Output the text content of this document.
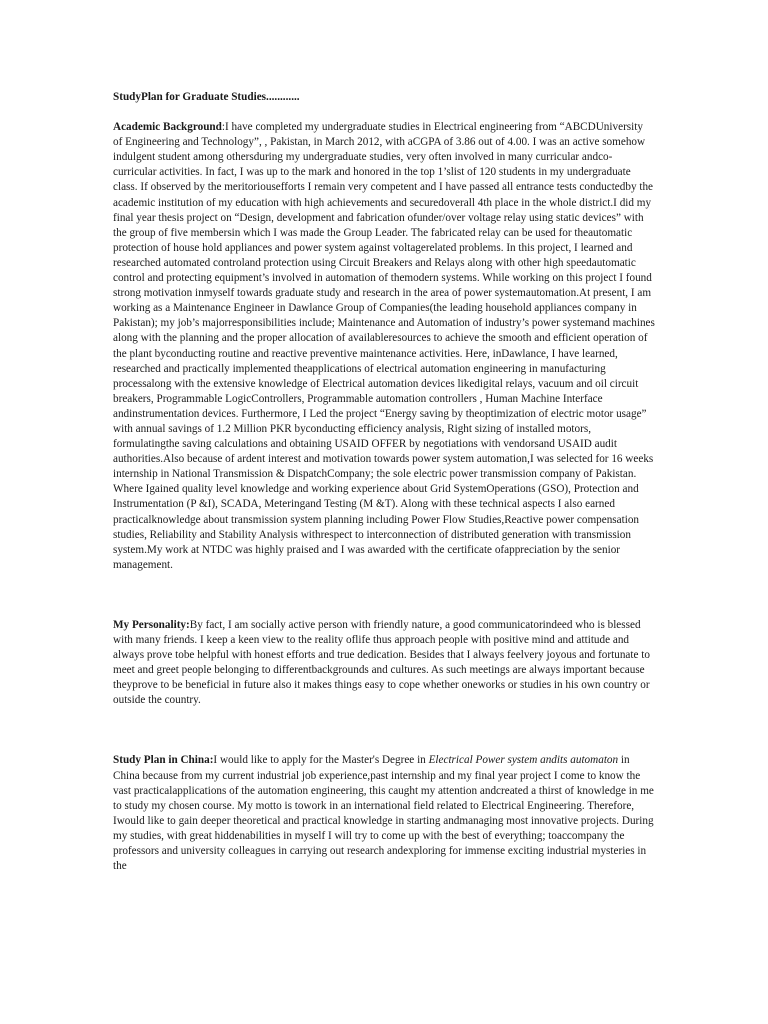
StudyPlan for Graduate Studies............

Academic Background:I have completed my undergraduate studies in Electrical engineering from “ABCDUniversity of Engineering and Technology”, , Pakistan, in March 2012, with aCGPA of 3.86 out of 4.00. I was an active somehow indulgent student among othersduring my undergraduate studies, very often involved in many curricular andco-curricular activities. In fact, I was up to the mark and honored in the top 1’slist of 120 students in my undergraduate class. If observed by the meritoriousefforts I remain very competent and I have passed all entrance tests conductedby the academic institution of my education with high achievements and securedoverall 4th place in the whole district.I did my final year thesis project on “Design, development and fabrication ofunder/over voltage relay using static devices” with the group of five membersin which I was made the Group Leader. The fabricated relay can be used for theautomatic protection of house hold appliances and power system against voltagerelated problems. In this project, I learned and researched automated controland protection using Circuit Breakers and Relays along with other high speedautomatic control and protecting equipment’s involved in automation of themodern systems. While working on this project I found strong motivation inmyself towards graduate study and research in the area of power systemautomation.At present, I am working as a Maintenance Engineer in Dawlance Group of Companies(the leading household appliances company in Pakistan); my job’s majorresponsibilities include; Maintenance and Automation of industry’s power systemand machines along with the planning and the proper allocation of availableresources to achieve the smooth and efficient operation of the plant byconducting routine and reactive preventive maintenance activities. Here, inDawlance, I have learned, researched and practically implemented theapplications of electrical automation engineering in manufacturing processalong with the extensive knowledge of Electrical automation devices likedigital relays, vacuum and oil circuit breakers, Programmable LogicControllers, Programmable automation controllers , Human Machine Interface andinstrumentation devices. Furthermore, I Led the project “Energy saving by theoptimization of electric motor usage” with annual savings of 1.2 Million PKR byconducting efficiency analysis, Right sizing of installed motors, formulatingthe saving calculations and obtaining USAID OFFER by negotiations with vendorsand USAID audit authorities.Also because of ardent interest and motivation towards power system automation,I was selected for 16 weeks internship in National Transmission & DispatchCompany; the sole electric power transmission company of Pakistan. Where Igained quality level knowledge and working experience about Grid SystemOperations (GSO), Protection and Instrumentation (P &I), SCADA, Meteringand Testing (M &T). Along with these technical aspects I also earned practicalknowledge about transmission system planning including Power Flow Studies,Reactive power compensation studies, Reliability and Stability Analysis withrespect to interconnection of distributed generation with transmission system.My work at NTDC was highly praised and I was awarded with the certificate ofappreciation by the senior management.

My Personality:By fact, I am socially active person with friendly nature, a good communicatorindeed who is blessed with many friends. I keep a keen view to the reality oflife thus approach people with positive mind and attitude and always prove tobe helpful with honest efforts and true dedication. Besides that I always feelvery joyous and fortunate to meet and greet people belonging to differentbackgrounds and cultures. As such meetings are always important because theyprove to be beneficial in future also it makes things easy to cope whether oneworks or studies in his own country or outside the country.

Study Plan in China:I would like to apply for the Master's Degree in Electrical Power system andits automaton in China because from my current industrial job experience,past internship and my final year project I come to know the vast practicalapplications of the automation engineering, this caught my attention andcreated a thirst of knowledge in me to study my chosen course. My motto is towork in an international field related to Electrical Engineering. Therefore, Iwould like to gain deeper theoretical and practical knowledge in starting andmanaging most innovative projects. During my studies, with great hiddenabilities in myself I will try to come up with the best of everything; toaccompany the professors and university colleagues in carrying out research andexploring for immense exciting industrial mysteries in the
